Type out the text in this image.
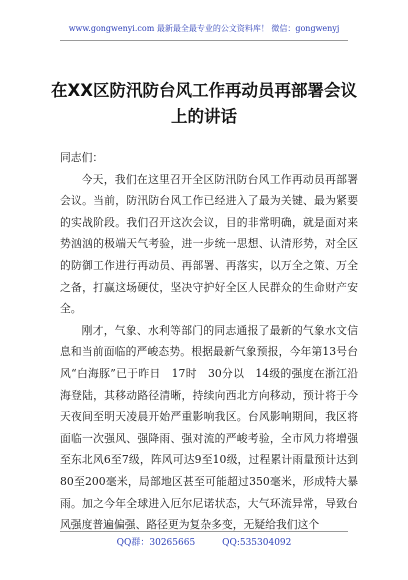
www.gongwenyi.com 最新最全最专业的公文资料库！ 微信：gongwenyj
在XX区防汛防台风工作再动员再部署会议上的讲话

同志们：

今天，我们在这里召开全区防汛防台风工作再动员再部署会议。当前，防汛防台风工作已经进入了最为关键、最为紧要的实战阶段。我们召开这次会议，目的非常明确，就是面对来势汹汹的极端天气考验，进一步统一思想、认清形势，对全区的防御工作进行再动员、再部署、再落实，以万全之策、万全之备，打赢这场硬仗，坚决守护好全区人民群众的生命财产安全。

刚才，气象、水利等部门的同志通报了最新的气象水文信息和当前面临的严峻态势。根据最新气象预报，今年第13号台风“白海豚”已于昨日　17时　30分以　14级的强度在浙江沿海登陆，其移动路径清晰，持续向西北方向移动，预计将于今天夜间至明天凌晨开始严重影响我区。台风影响期间，我区将面临一次强风、强降雨、强对流的严峻考验，全市风力将增强至东北风6至7级，阵风可达9至10级，过程累计雨量预计达到80至200毫米，局部地区甚至可能超过350毫米，形成特大暴雨。加之今年全球进入厄尔尼诺状态，大气环流异常，导致台风强度普遍偏强、路径更为复杂多变，无疑给我们这个

QQ群：30265665	QQ:535304092
